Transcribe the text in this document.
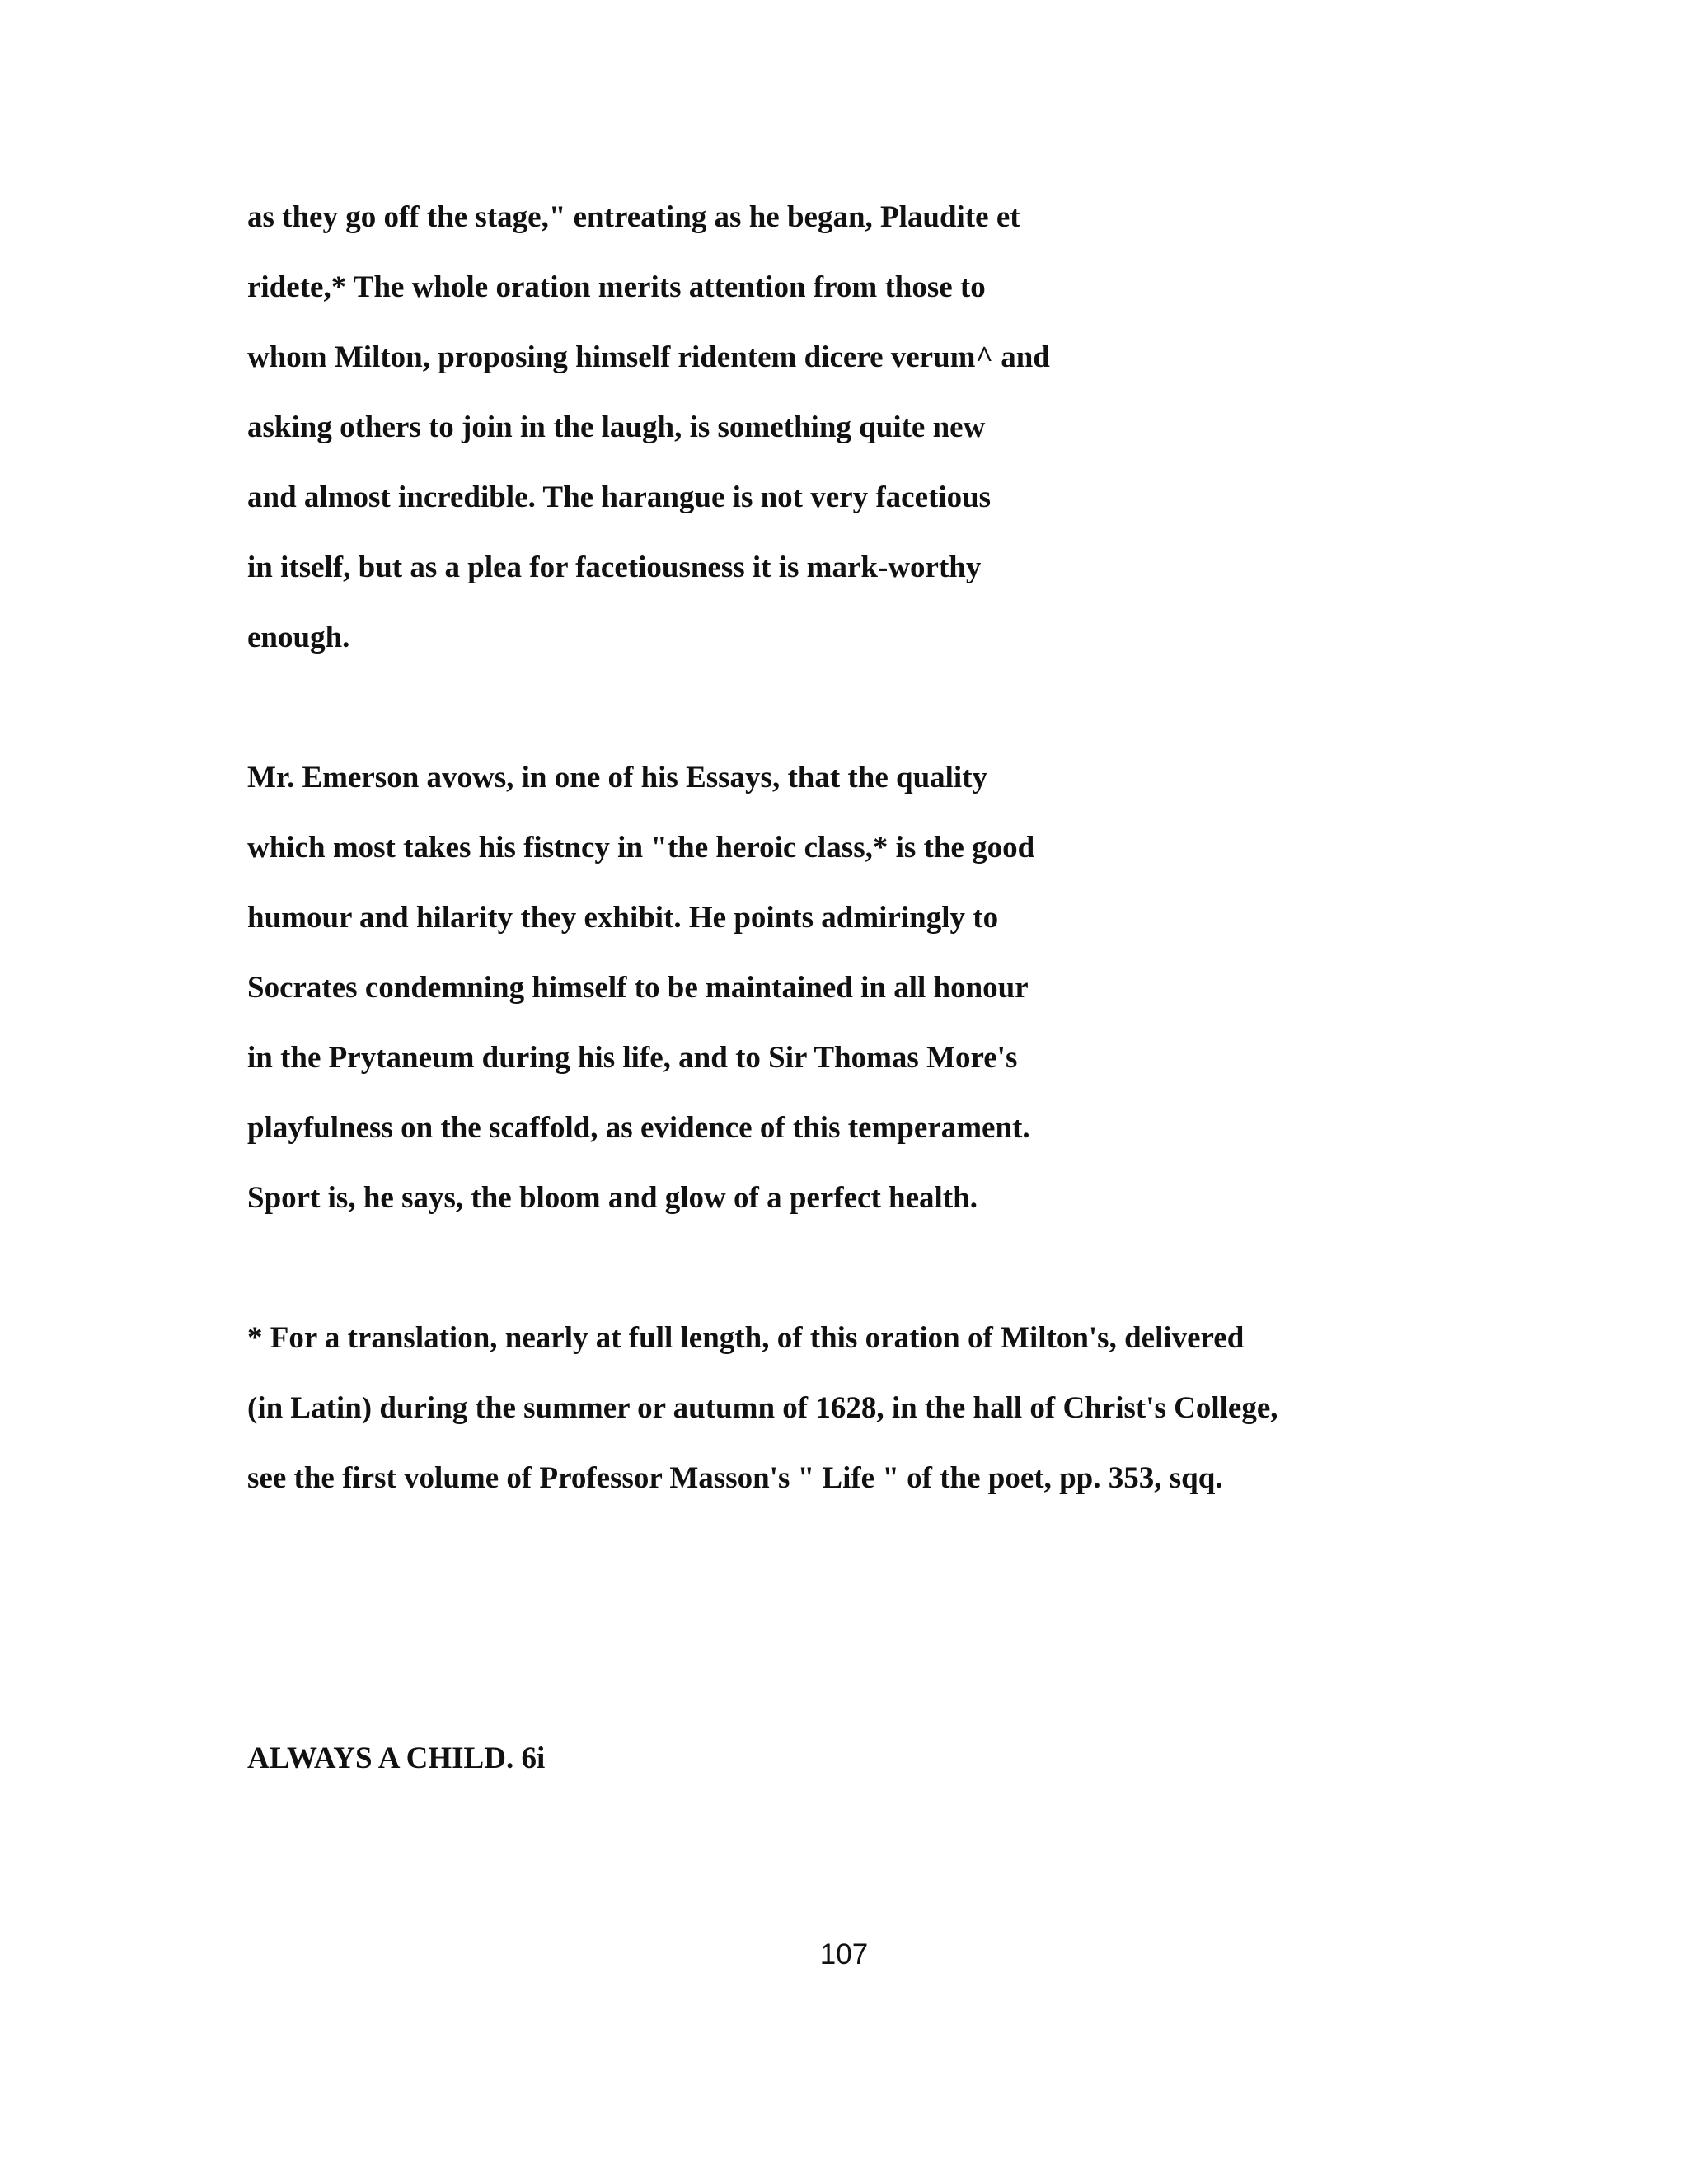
as they go off the stage," entreating as he began, Plaudite et

ridete,* The whole oration merits attention from those to

whom Milton, proposing himself ridentem dicere verum^ and

asking others to join in the laugh, is something quite new

and almost incredible. The harangue is not very facetious

in itself, but as a plea for facetiousness it is mark-worthy

enough.

Mr. Emerson avows, in one of his Essays, that the quality

which most takes his fistncy in "the heroic class,* is the good

humour and hilarity they exhibit. He points admiringly to

Socrates condemning himself to be maintained in all honour

in the Prytaneum during his life, and to Sir Thomas More's

playfulness on the scaffold, as evidence of this temperament.

Sport is, he says, the bloom and glow of a perfect health.

* For a translation, nearly at full length, of this oration of Milton's, delivered

(in Latin) during the summer or autumn of 1628, in the hall of Christ's College,

see the first volume of Professor Masson's " Life " of the poet, pp. 353, sqq.

ALWAYS A CHILD. 6i

107
